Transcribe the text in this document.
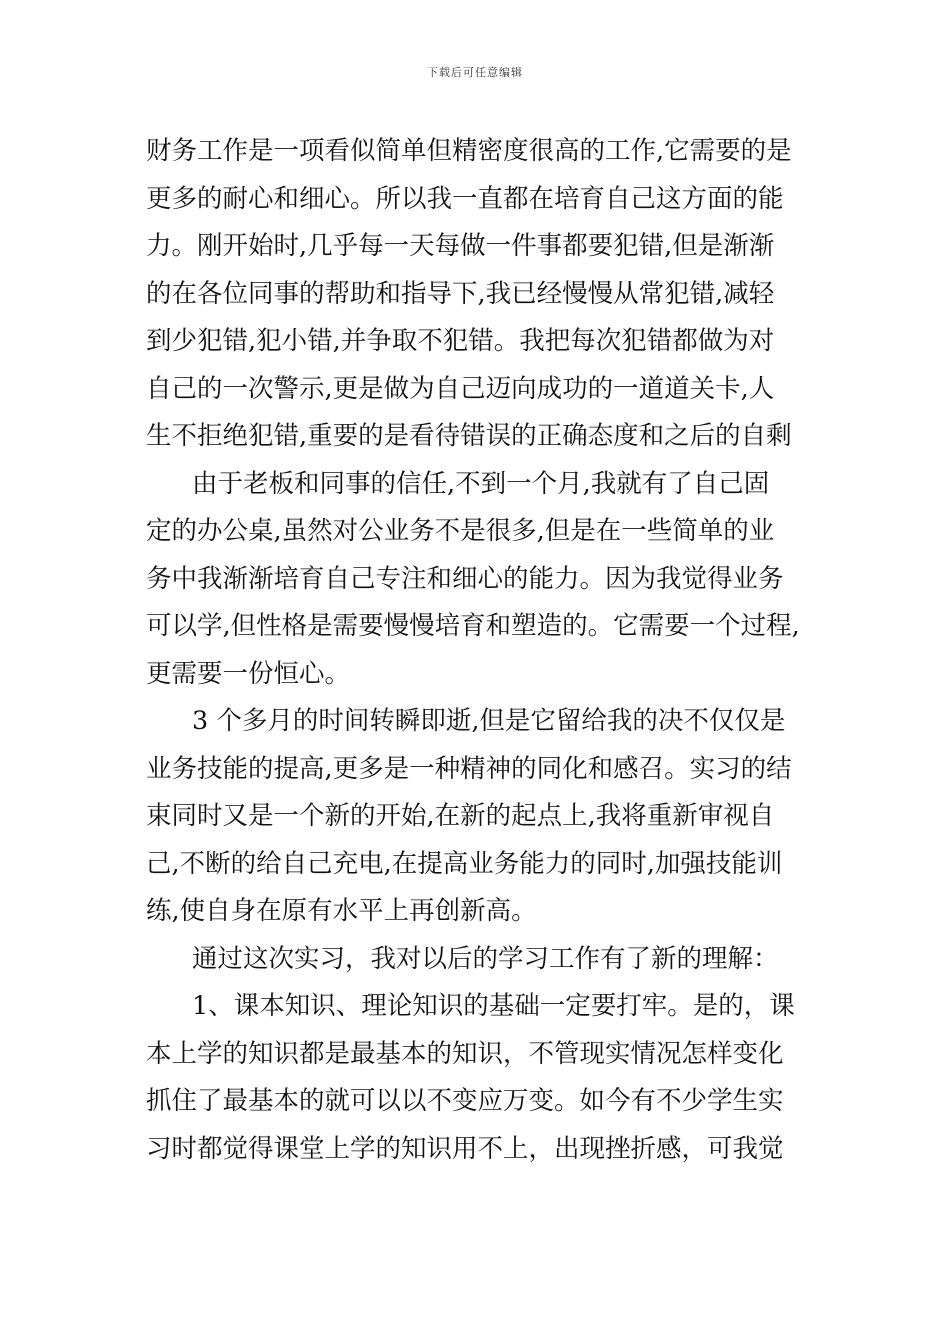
下载后可任意编辑
财务工作是一项看似简单但精密度很高的工作,它需要的是
更多的耐心和细心。所以我一直都在培育自己这方面的能
力。刚开始时,几乎每一天每做一件事都要犯错,但是渐渐
的在各位同事的帮助和指导下,我已经慢慢从常犯错,减轻
到少犯错,犯小错,并争取不犯错。我把每次犯错都做为对
自己的一次警示,更是做为自己迈向成功的一道道关卡,人
生不拒绝犯错,重要的是看待错误的正确态度和之后的自剩
由于老板和同事的信任,不到一个月,我就有了自己固
定的办公桌,虽然对公业务不是很多,但是在一些简单的业
务中我渐渐培育自己专注和细心的能力。因为我觉得业务
可以学,但性格是需要慢慢培育和塑造的。它需要一个过程,
更需要一份恒心。
3 个多月的时间转瞬即逝,但是它留给我的决不仅仅是
业务技能的提高,更多是一种精神的同化和感召。实习的结
束同时又是一个新的开始,在新的起点上,我将重新审视自
己,不断的给自己充电,在提高业务能力的同时,加强技能训
练,使自身在原有水平上再创新高。
通过这次实习，我对以后的学习工作有了新的理解：
1、课本知识、理论知识的基础一定要打牢。是的，课
本上学的知识都是最基本的知识，不管现实情况怎样变化
抓住了最基本的就可以以不变应万变。如今有不少学生实
习时都觉得课堂上学的知识用不上，出现挫折感，可我觉
